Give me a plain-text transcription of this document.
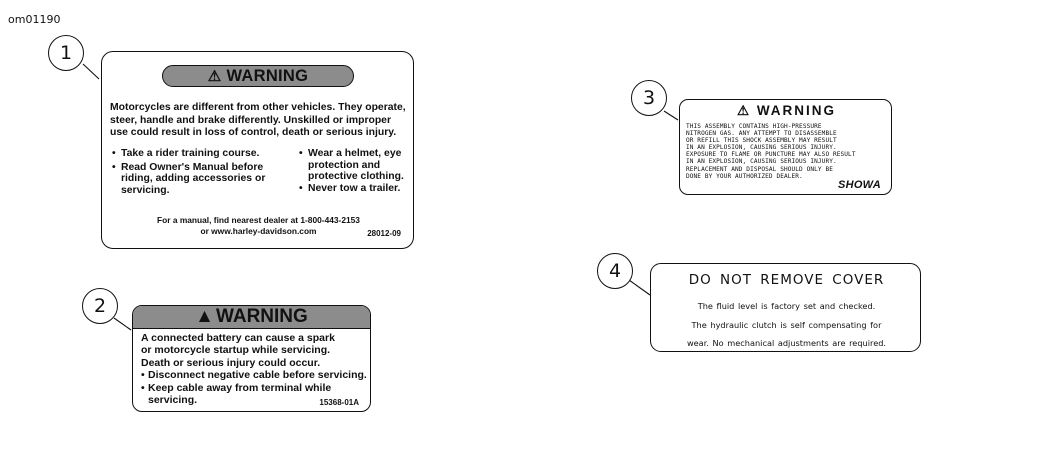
om01190
1
2
3
4
⚠ WARNING
Motorcycles are different from other vehicles. They operate, steer, handle and brake differently. Unskilled or improper use could result in loss of control, death or serious injury.
• Take a rider training course.
• Read Owner's Manual before riding, adding accessories or servicing.
• Wear a helmet, eye protection and protective clothing.
• Never tow a trailer.
For a manual, find nearest dealer at 1-800-443-2153
or www.harley-davidson.com	28012-09
▲ WARNING
A connected battery can cause a spark
or motorcycle startup while servicing.
Death or serious injury could occur.
• Disconnect negative cable before servicing.
• Keep cable away from terminal while servicing.	15368-01A
⚠ WARNING
THIS ASSEMBLY CONTAINS HIGH-PRESSURE
NITROGEN GAS. ANY ATTEMPT TO DISASSEMBLE
OR REFILL THIS SHOCK ASSEMBLY MAY RESULT
IN AN EXPLOSION, CAUSING SERIOUS INJURY.
EXPOSURE TO FLAME OR PUNCTURE MAY ALSO RESULT
IN AN EXPLOSION, CAUSING SERIOUS INJURY.
REPLACEMENT AND DISPOSAL SHOULD ONLY BE
DONE BY YOUR AUTHORIZED DEALER.
SHOWA
DO NOT REMOVE COVER
The fluid level is factory set and checked.
The hydraulic clutch is self compensating for
wear. No mechanical adjustments are required.
